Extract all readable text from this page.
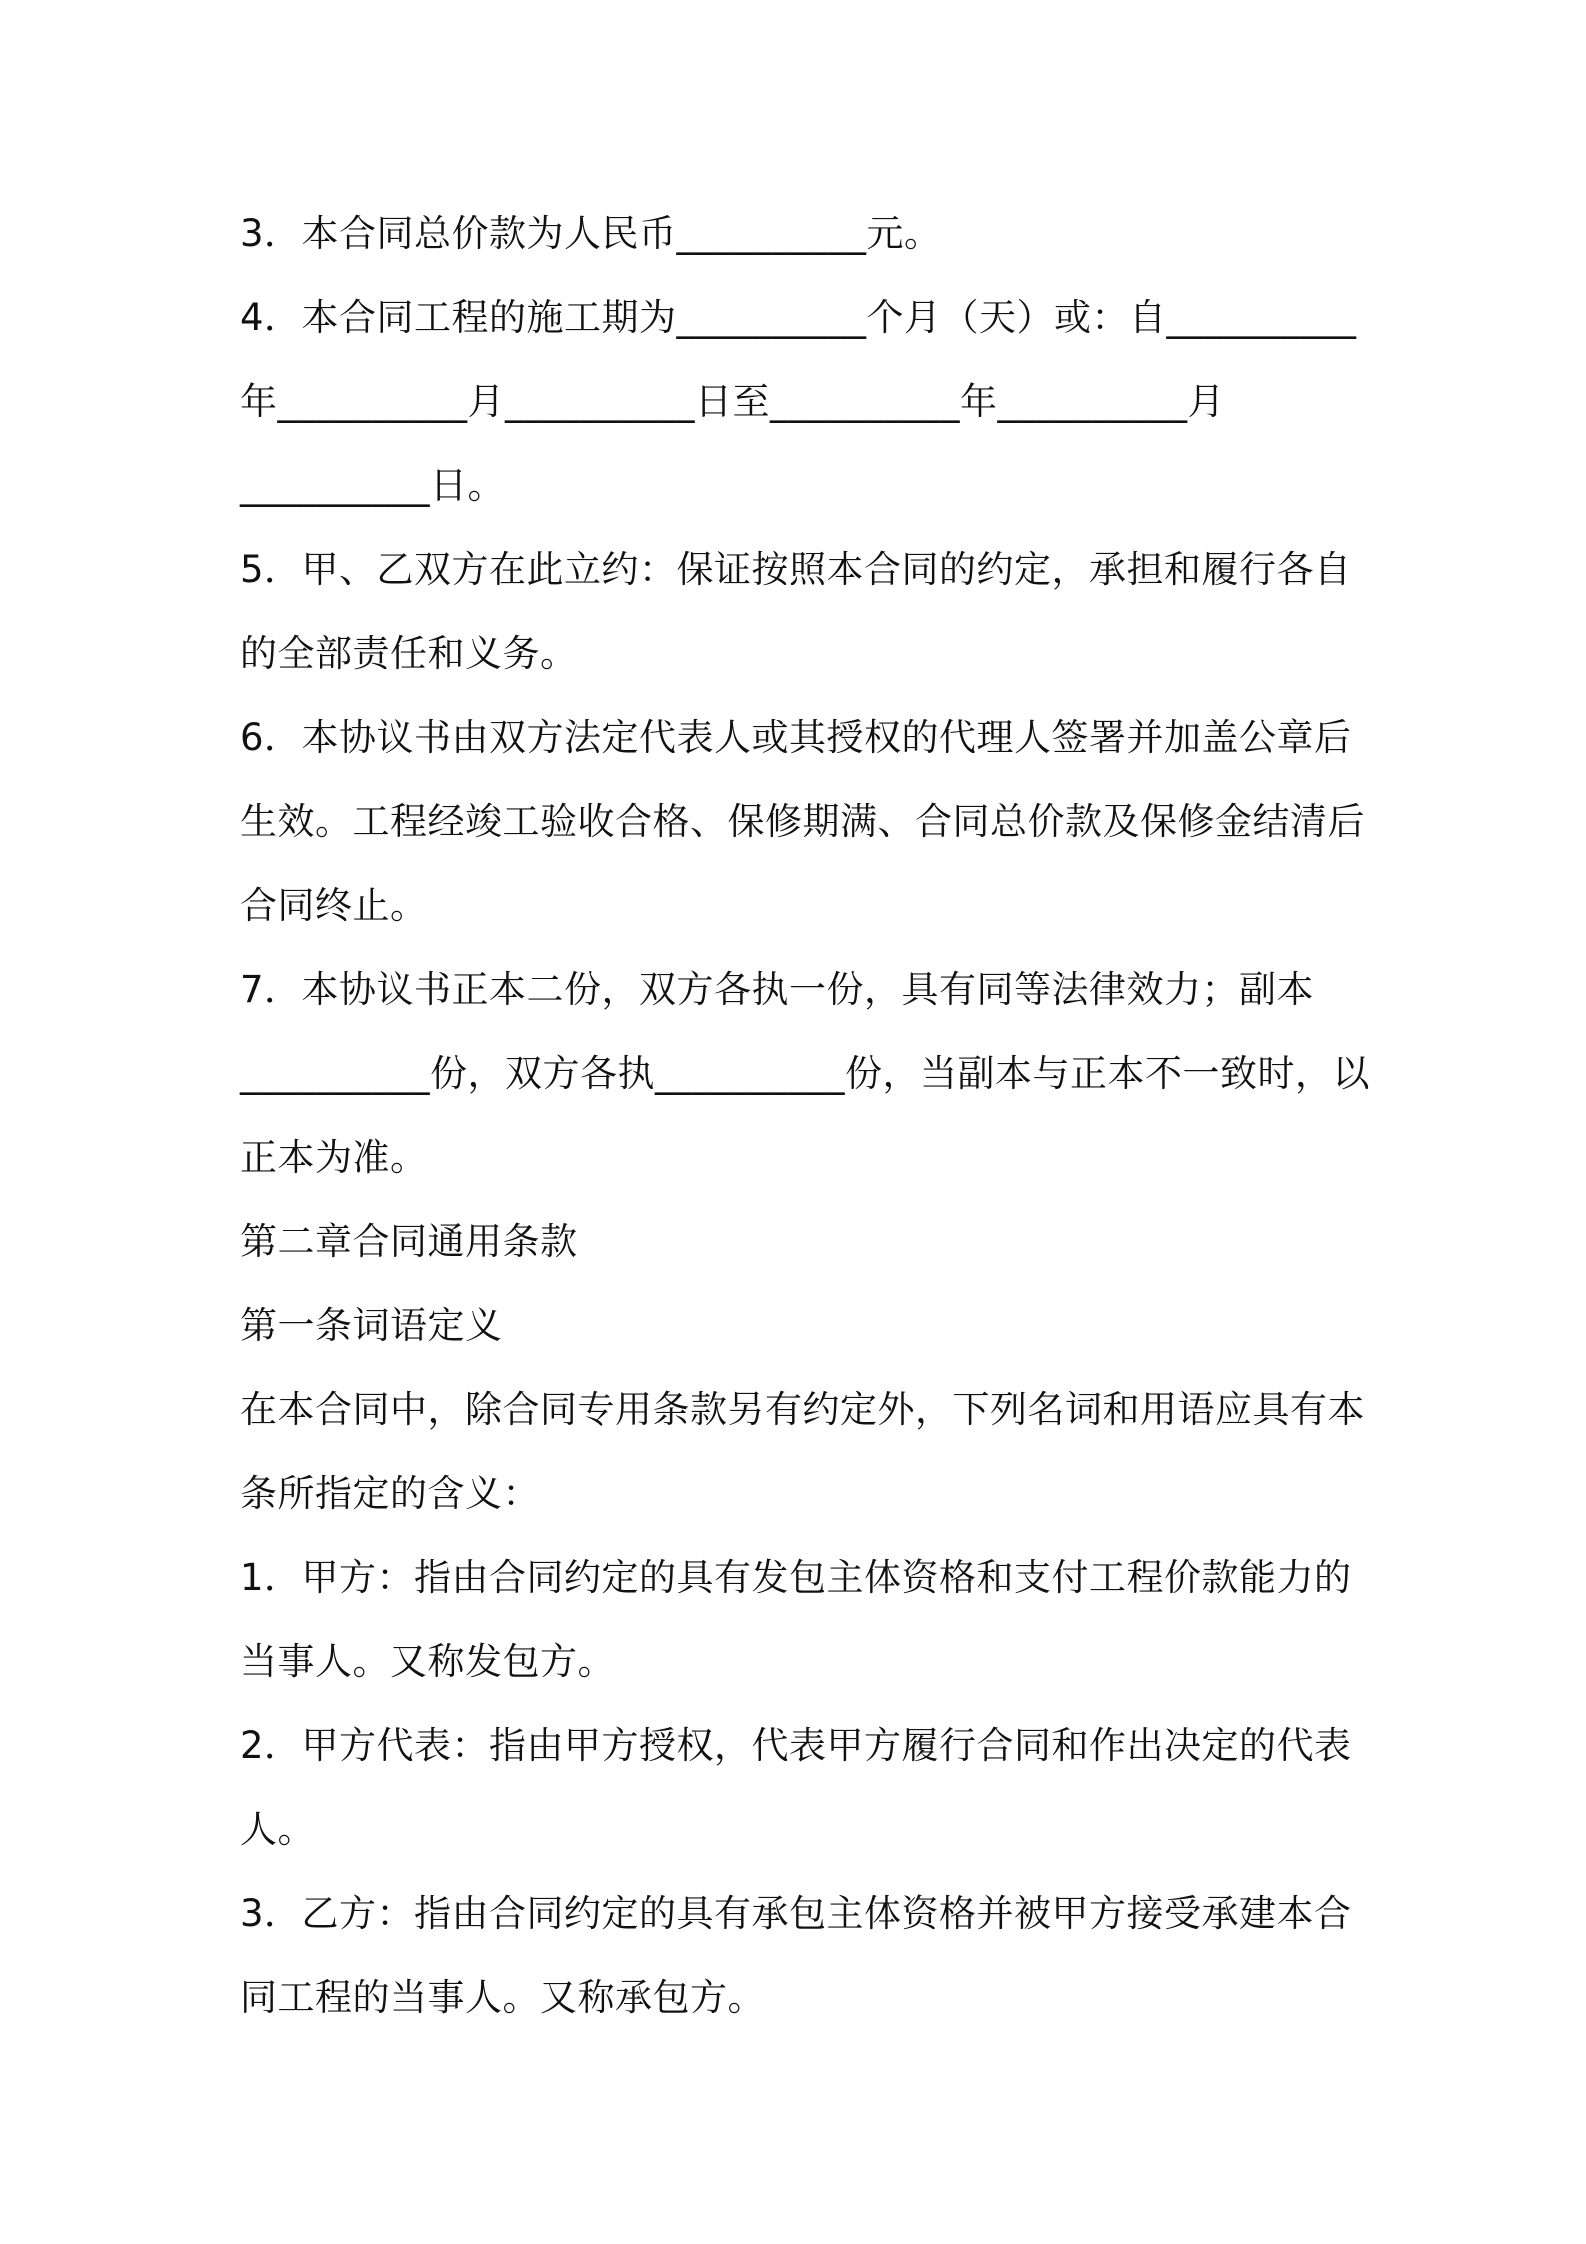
3．本合同总价款为人民币__________元。
4．本合同工程的施工期为__________个月（天）或：自__________
年__________月__________日至__________年__________月
__________日。
5．甲、乙双方在此立约：保证按照本合同的约定，承担和履行各自
的全部责任和义务。
6．本协议书由双方法定代表人或其授权的代理人签署并加盖公章后
生效。工程经竣工验收合格、保修期满、合同总价款及保修金结清后
合同终止。
7．本协议书正本二份，双方各执一份，具有同等法律效力；副本
__________份，双方各执__________份，当副本与正本不一致时，以
正本为准。
第二章合同通用条款
第一条词语定义
在本合同中，除合同专用条款另有约定外，下列名词和用语应具有本
条所指定的含义：
1．甲方：指由合同约定的具有发包主体资格和支付工程价款能力的
当事人。又称发包方。
2．甲方代表：指由甲方授权，代表甲方履行合同和作出决定的代表
人。
3．乙方：指由合同约定的具有承包主体资格并被甲方接受承建本合
同工程的当事人。又称承包方。
